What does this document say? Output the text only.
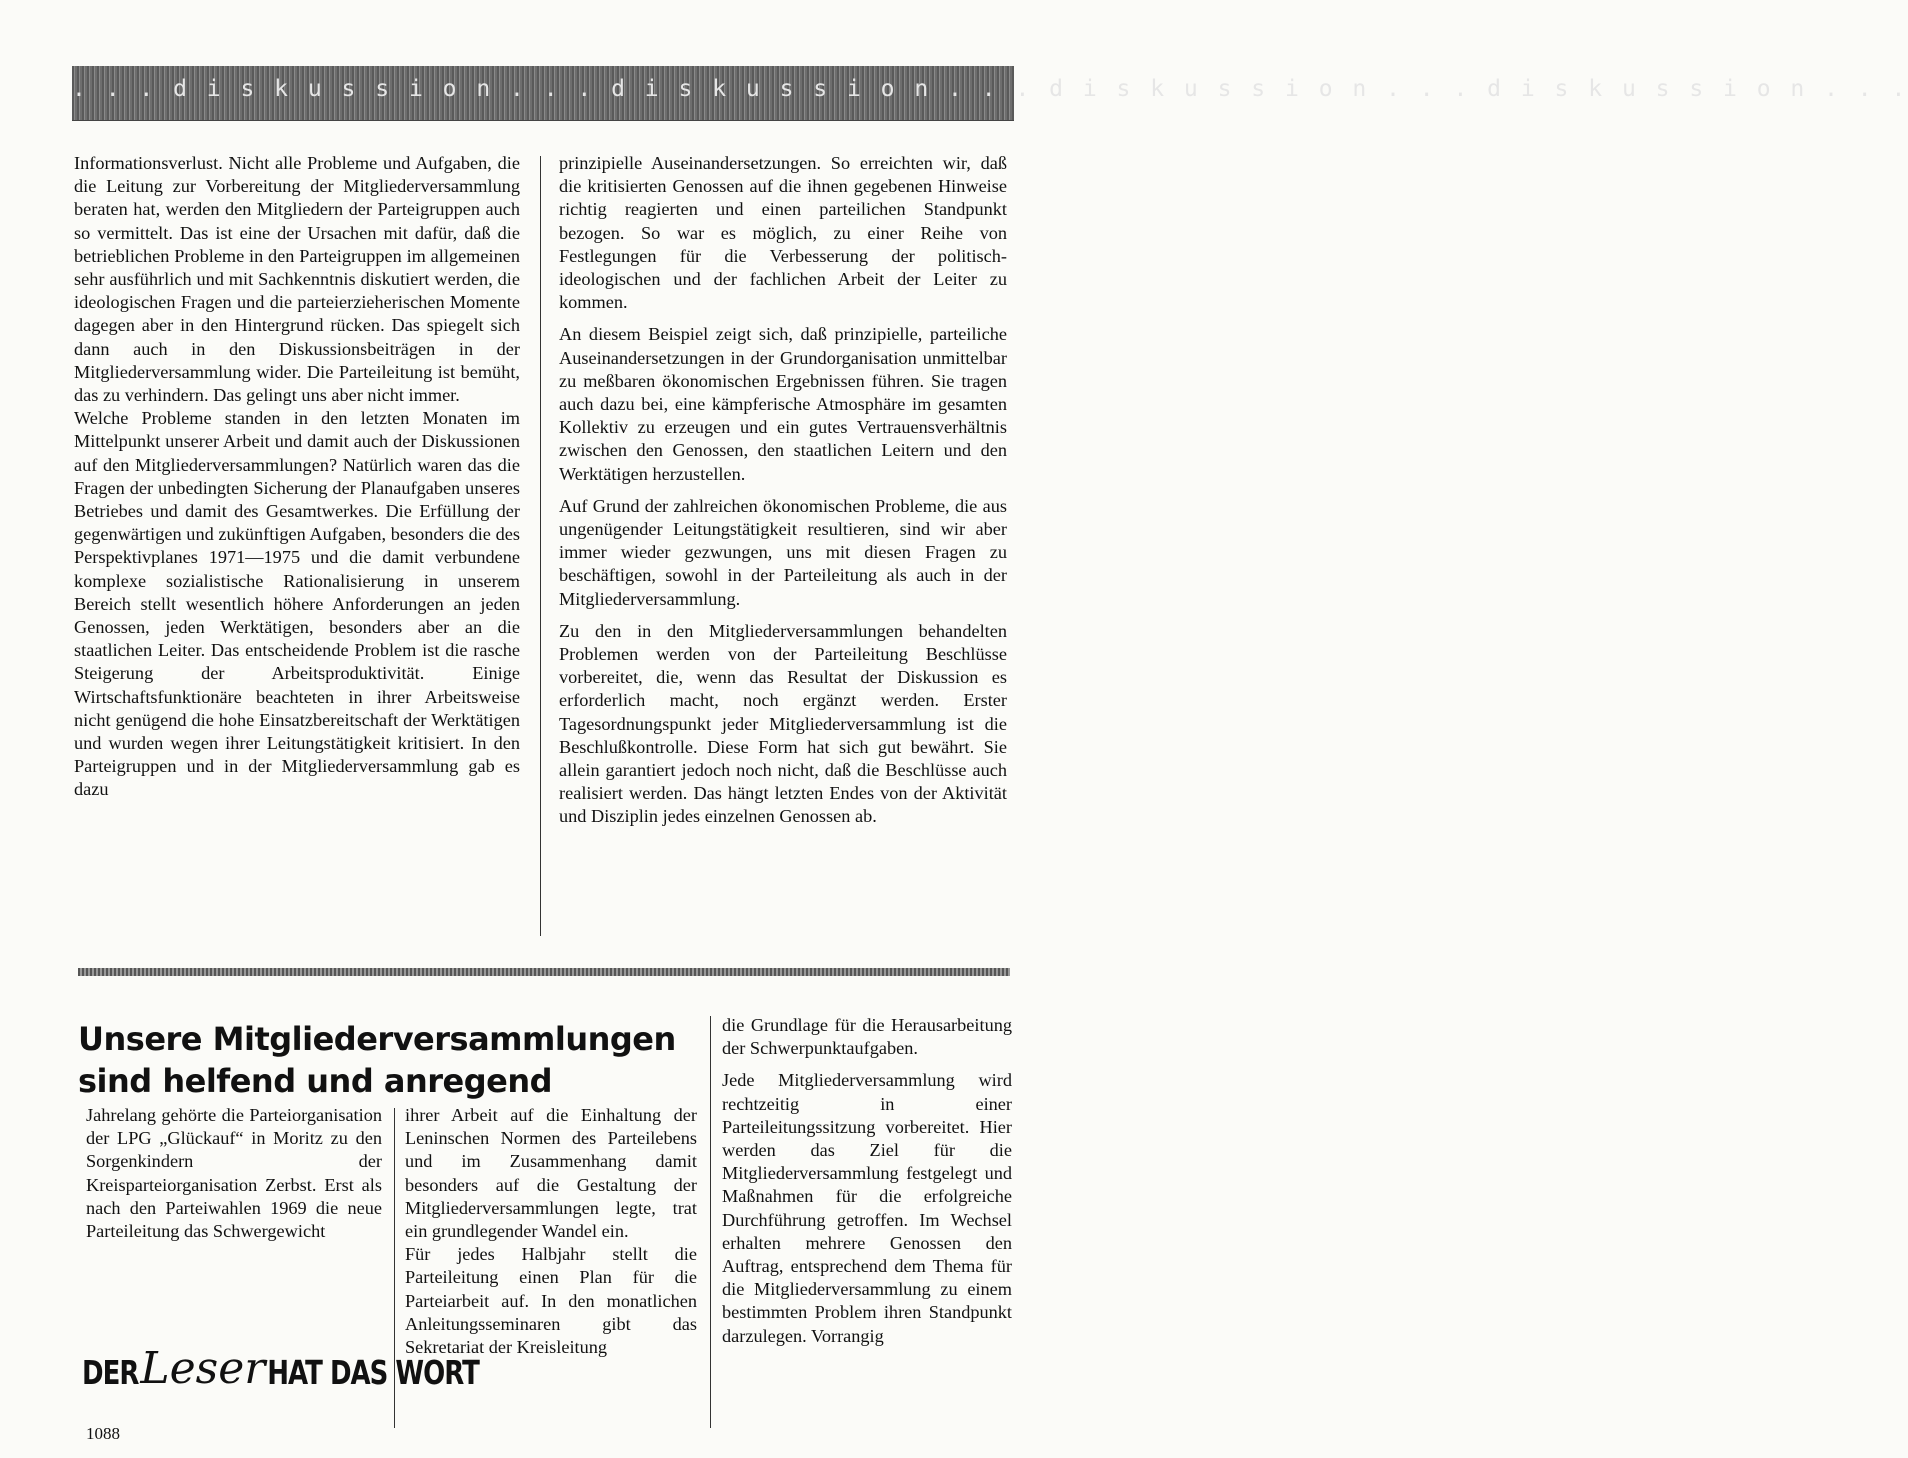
. . . d i s k u s s i o n . . . d i s k u s s i o n . . . d i s k u s s i o n . . . d i s k u s s i o n . . .

Informationsverlust. Nicht alle Probleme und Aufgaben, die die Leitung zur Vorbereitung der Mitgliederversammlung beraten hat, werden den Mitgliedern der Parteigruppen auch so vermittelt. Das ist eine der Ursachen mit dafür, daß die betrieblichen Probleme in den Parteigruppen im allgemeinen sehr ausführlich und mit Sachkenntnis diskutiert werden, die ideologischen Fragen und die parteierzieherischen Momente dagegen aber in den Hintergrund rücken. Das spiegelt sich dann auch in den Diskussionsbeiträgen in der Mitgliederversammlung wider. Die Parteileitung ist bemüht, das zu verhindern. Das gelingt uns aber nicht immer.

Welche Probleme standen in den letzten Monaten im Mittelpunkt unserer Arbeit und damit auch der Diskussionen auf den Mitgliederversammlungen? Natürlich waren das die Fragen der unbedingten Sicherung der Planaufgaben unseres Betriebes und damit des Gesamtwerkes. Die Erfüllung der gegenwärtigen und zukünftigen Aufgaben, besonders die des Perspektivplanes 1971—1975 und die damit verbundene komplexe sozialistische Rationalisierung in unserem Bereich stellt wesentlich höhere Anforderungen an jeden Genossen, jeden Werktätigen, besonders aber an die staatlichen Leiter. Das entscheidende Problem ist die rasche Steigerung der Arbeitsproduktivität. Einige Wirtschaftsfunktionäre beachteten in ihrer Arbeitsweise nicht genügend die hohe Einsatzbereitschaft der Werktätigen und wurden wegen ihrer Leitungstätigkeit kritisiert. In den Parteigruppen und in der Mitgliederversammlung gab es dazu

prinzipielle Auseinandersetzungen. So erreichten wir, daß die kritisierten Genossen auf die ihnen gegebenen Hinweise richtig reagierten und einen parteilichen Standpunkt bezogen. So war es möglich, zu einer Reihe von Festlegungen für die Verbesserung der politisch-ideologischen und der fachlichen Arbeit der Leiter zu kommen.

An diesem Beispiel zeigt sich, daß prinzipielle, parteiliche Auseinandersetzungen in der Grundorganisation unmittelbar zu meßbaren ökonomischen Ergebnissen führen. Sie tragen auch dazu bei, eine kämpferische Atmosphäre im gesamten Kollektiv zu erzeugen und ein gutes Vertrauensverhältnis zwischen den Genossen, den staatlichen Leitern und den Werktätigen herzustellen.

Auf Grund der zahlreichen ökonomischen Probleme, die aus ungenügender Leitungstätigkeit resultieren, sind wir aber immer wieder gezwungen, uns mit diesen Fragen zu beschäftigen, sowohl in der Parteileitung als auch in der Mitgliederversammlung.

Zu den in den Mitgliederversammlungen behandelten Problemen werden von der Parteileitung Beschlüsse vorbereitet, die, wenn das Resultat der Diskussion es erforderlich macht, noch ergänzt werden. Erster Tagesordnungspunkt jeder Mitgliederversammlung ist die Beschlußkontrolle. Diese Form hat sich gut bewährt. Sie allein garantiert jedoch noch nicht, daß die Beschlüsse auch realisiert werden. Das hängt letzten Endes von der Aktivität und Disziplin jedes einzelnen Genossen ab.

Unsere Mitgliederversammlungen
sind helfend und anregend

Jahrelang gehörte die Parteiorganisation der LPG „Glückauf“ in Moritz zu den Sorgenkindern der Kreisparteiorganisation Zerbst. Erst als nach den Parteiwahlen 1969 die neue Parteileitung das Schwergewicht

ihrer Arbeit auf die Einhaltung der Leninschen Normen des Parteilebens und im Zusammenhang damit besonders auf die Gestaltung der Mitgliederversammlungen legte, trat ein grundlegender Wandel ein.

Für jedes Halbjahr stellt die Parteileitung einen Plan für die Parteiarbeit auf. In den monatlichen Anleitungsseminaren gibt das Sekretariat der Kreisleitung

die Grundlage für die Herausarbeitung der Schwerpunktaufgaben.

Jede Mitgliederversammlung wird rechtzeitig in einer Parteileitungssitzung vorbereitet. Hier werden das Ziel für die Mitgliederversammlung festgelegt und Maßnahmen für die erfolgreiche Durchführung getroffen. Im Wechsel erhalten mehrere Genossen den Auftrag, entsprechend dem Thema für die Mitgliederversammlung zu einem bestimmten Problem ihren Standpunkt darzulegen. Vorrangig

DER Leser HAT DAS WORT
1088
